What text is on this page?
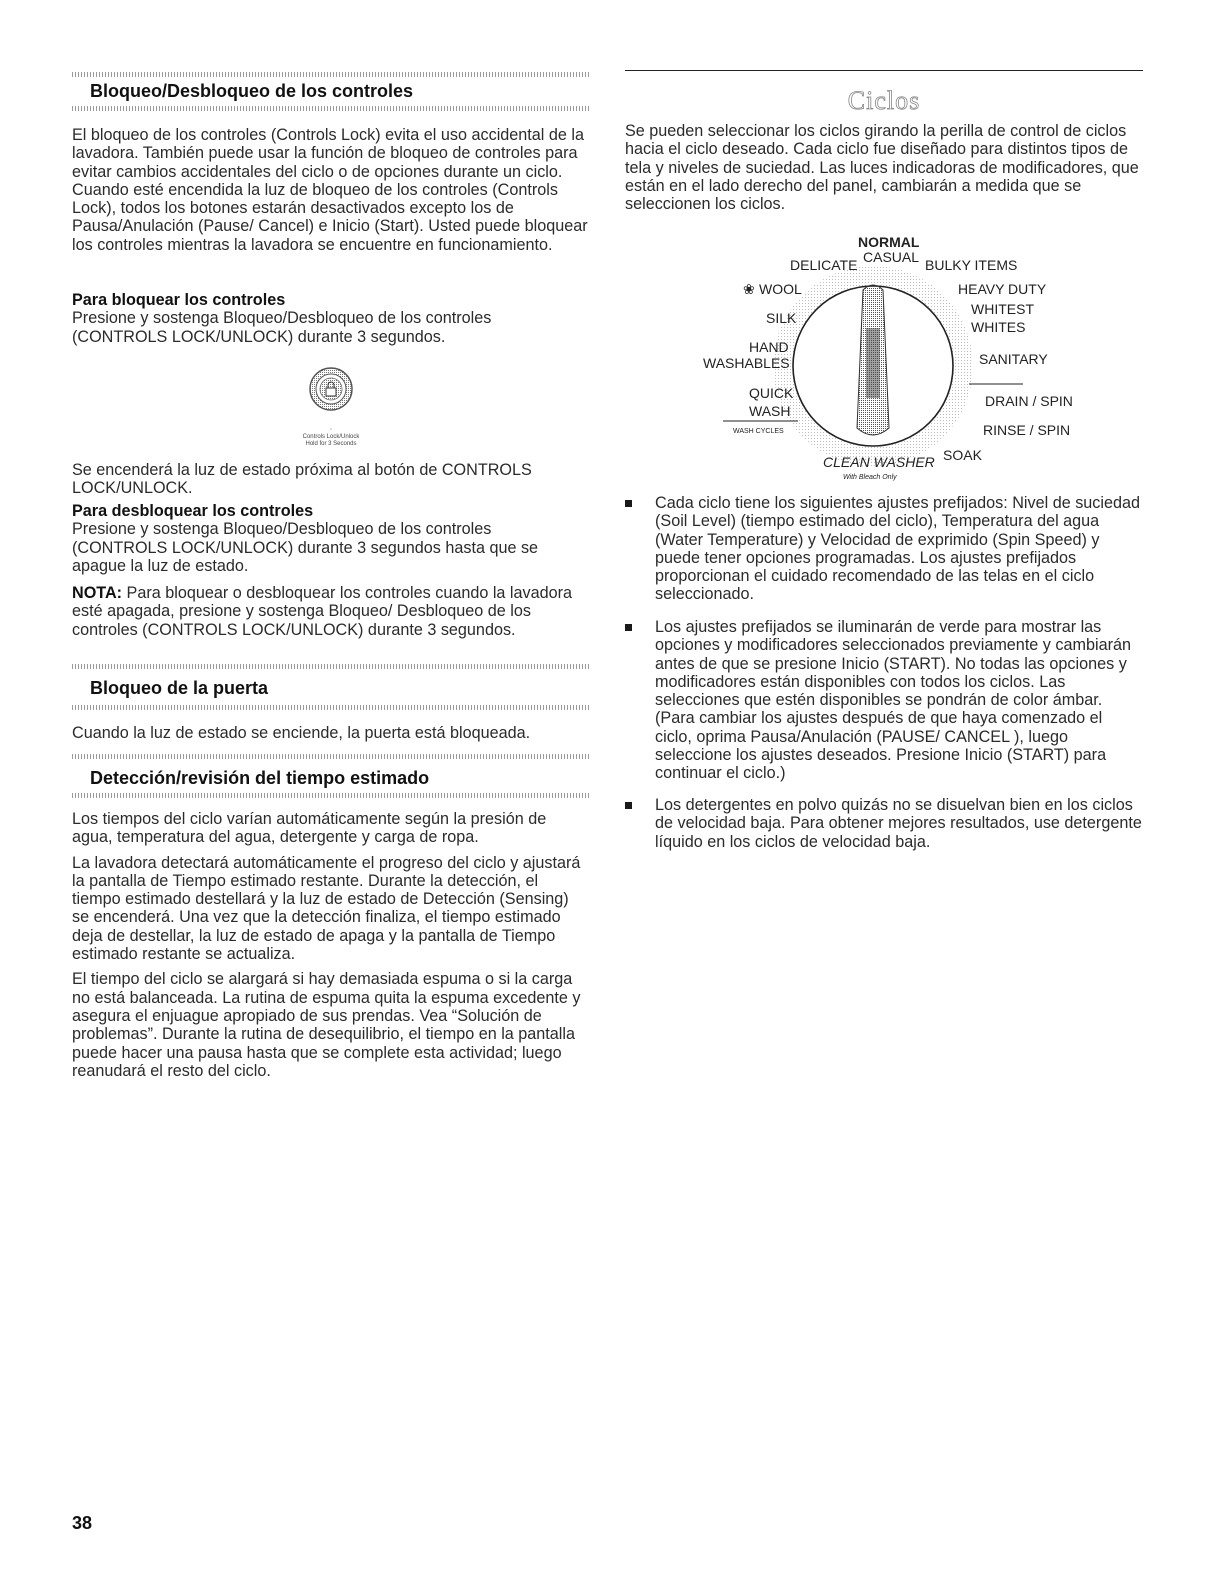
Bloqueo/Desbloqueo de los controles

El bloqueo de los controles (Controls Lock) evita el uso accidental de la lavadora. También puede usar la función de bloqueo de controles para evitar cambios accidentales del ciclo o de opciones durante un ciclo. Cuando esté encendida la luz de bloqueo de los controles (Controls Lock), todos los botones estarán desactivados excepto los de Pausa/Anulación (Pause/ Cancel) e Inicio (Start). Usted puede bloquear los controles mientras la lavadora se encuentre en funcionamiento.

Para bloquear los controles

Presione y sostenga Bloqueo/Desbloqueo de los controles (CONTROLS LOCK/UNLOCK) durante 3 segundos.

◦
Controls Lock/Unlock
Hold for 3 Seconds

Se encenderá la luz de estado próxima al botón de CONTROLS LOCK/UNLOCK.

Para desbloquear los controles

Presione y sostenga Bloqueo/Desbloqueo de los controles (CONTROLS LOCK/UNLOCK) durante 3 segundos hasta que se apague la luz de estado.

NOTA: Para bloquear o desbloquear los controles cuando la lavadora esté apagada, presione y sostenga Bloqueo/ Desbloqueo de los controles (CONTROLS LOCK/UNLOCK) durante 3 segundos.

Bloqueo de la puerta

Cuando la luz de estado se enciende, la puerta está bloqueada.

Detección/revisión del tiempo estimado

Los tiempos del ciclo varían automáticamente según la presión de agua, temperatura del agua, detergente y carga de ropa.

La lavadora detectará automáticamente el progreso del ciclo y ajustará la pantalla de Tiempo estimado restante. Durante la detección, el tiempo estimado destellará y la luz de estado de Detección (Sensing) se encenderá. Una vez que la detección finaliza, el tiempo estimado deja de destellar, la luz de estado de apaga y la pantalla de Tiempo estimado restante se actualiza.

El tiempo del ciclo se alargará si hay demasiada espuma o si la carga no está balanceada. La rutina de espuma quita la espuma excedente y asegura el enjuague apropiado de sus prendas. Vea “Solución de problemas”. Durante la rutina de desequilibrio, el tiempo en la pantalla puede hacer una pausa hasta que se complete esta actividad; luego reanudará el resto del ciclo.

Ciclos

Se pueden seleccionar los ciclos girando la perilla de control de ciclos hacia el ciclo deseado. Cada ciclo fue diseñado para distintos tipos de tela y niveles de suciedad. Las luces indicadoras de modificadores, que están en el lado derecho del panel, cambiarán a medida que se seleccionen los ciclos.

NORMAL
CASUAL
DELICATE	BULKY ITEMS
❀ WOOL	HEAVY DUTY
SILK
WHITEST
WHITES
HAND
WASHABLES	SANITARY
QUICK
WASH
DRAIN / SPIN
WASH CYCLES	RINSE / SPIN
SOAK
CLEAN WASHER
With Bleach Only

Cada ciclo tiene los siguientes ajustes prefijados: Nivel de suciedad (Soil Level) (tiempo estimado del ciclo), Temperatura del agua (Water Temperature) y Velocidad de exprimido (Spin Speed) y puede tener opciones programadas. Los ajustes prefijados proporcionan el cuidado recomendado de las telas en el ciclo seleccionado.

Los ajustes prefijados se iluminarán de verde para mostrar las opciones y modificadores seleccionados previamente y cambiarán antes de que se presione Inicio (START). No todas las opciones y modificadores están disponibles con todos los ciclos. Las selecciones que estén disponibles se pondrán de color ámbar. (Para cambiar los ajustes después de que haya comenzado el ciclo, oprima Pausa/Anulación (PAUSE/ CANCEL ), luego seleccione los ajustes deseados. Presione Inicio (START) para continuar el ciclo.)

Los detergentes en polvo quizás no se disuelvan bien en los ciclos de velocidad baja. Para obtener mejores resultados, use detergente líquido en los ciclos de velocidad baja.

38
